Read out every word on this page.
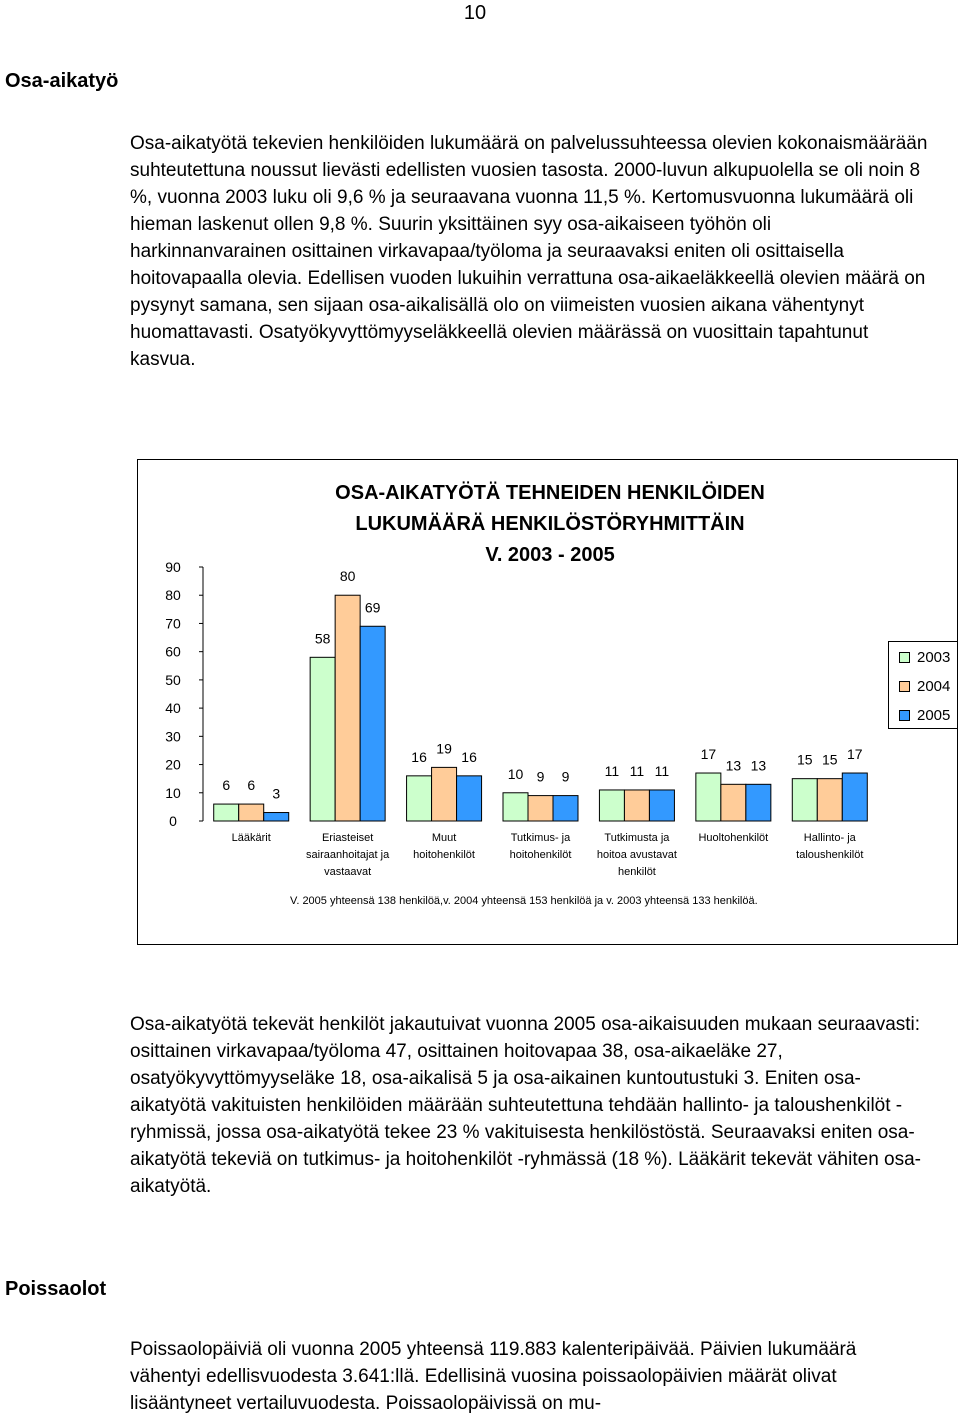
10
Osa-aikatyö

Osa-aikatyötä tekevien henkilöiden lukumäärä on palvelussuhteessa olevien kokonaismäärään suhteutettuna noussut lievästi edellisten vuosien tasosta. 2000-luvun alkupuolella se oli noin 8 %, vuonna 2003 luku oli 9,6 % ja seuraavana vuonna 11,5 %. Kertomusvuonna lukumäärä oli hieman laskenut ollen 9,8 %. Suurin yksittäinen syy osa-aikaiseen työhön oli harkinnanvarainen osittainen virkavapaa/työloma ja seuraavaksi eniten oli osittaisella hoitovapaalla olevia. Edellisen vuoden lukuihin verrattuna osa-aikaeläkkeellä olevien määrä on pysynyt samana, sen sijaan osa-aikalisällä olo on viimeisten vuosien aikana vähentynyt huomattavasti. Osatyökyvyttömyyseläkkeellä olevien määrässä on vuosittain tapahtunut kasvua.

0
10
20
30
40
50
60
70
80
90
6 6
3
Lääkärit
58
80
69
Eriasteiset
sairaanhoitajat ja
vastaavat
16
19
16
Muut
hoitohenkilöt
10 9 9
Tutkimus- ja
hoitohenkilöt
11 11 11
Tutkimusta ja
hoitoa avustavat
henkilöt
17
13 13
Huoltohenkilöt
15 15 17
Hallinto- ja
taloushenkilöt
OSA-AIKATYÖTÄ TEHNEIDEN HENKILÖIDEN
LUKUMÄÄRÄ HENKILÖSTÖRYHMITTÄIN
V. 2003 - 2005
2003
2004
2005
V. 2005 yhteensä 138 henkilöä,v. 2004 yhteensä 153 henkilöä ja v. 2003 yhteensä 133 henkilöä.

Osa-aikatyötä tekevät henkilöt jakautuivat vuonna 2005 osa-aikaisuuden mukaan seuraavasti: osittainen virkavapaa/työloma 47, osittainen hoitovapaa 38, osa-aikaeläke 27, osatyökyvyttömyyseläke 18, osa-aikalisä 5 ja osa-aikainen kuntoutustuki 3. Eniten osa-aikatyötä vakituisten henkilöiden määrään suhteutettuna tehdään hallinto- ja taloushenkilöt -ryhmissä, jossa osa-aikatyötä tekee 23 % vakituisesta henkilöstöstä. Seuraavaksi eniten osa-aikatyötä tekeviä on tutkimus- ja hoitohenkilöt -ryhmässä (18 %). Lääkärit tekevät vähiten osa-aikatyötä.

Poissaolot

Poissaolopäiviä oli vuonna 2005 yhteensä 119.883 kalenteripäivää. Päivien lukumäärä vähentyi edellisvuodesta 3.641:llä. Edellisinä vuosina poissaolopäivien määrät olivat lisääntyneet vertailuvuodesta. Poissaolopäivissä on mu-
